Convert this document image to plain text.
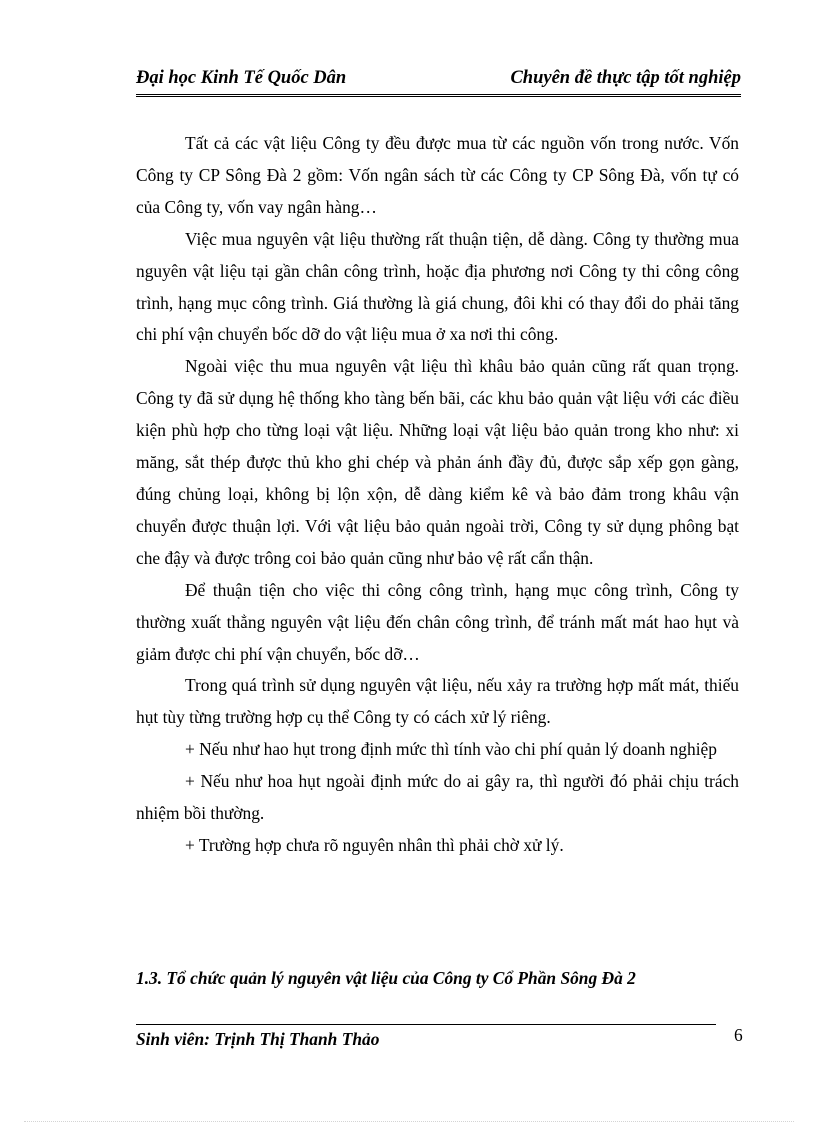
Đại học Kinh Tế Quốc Dân	Chuyên đề thực tập tốt nghiệp

Tất cả các vật liệu Công ty đều được mua từ các nguồn vốn trong nước. Vốn Công ty CP Sông Đà 2 gồm: Vốn ngân sách từ các Công ty CP Sông Đà, vốn tự có của Công ty, vốn vay ngân hàng…

Việc mua nguyên vật liệu thường rất thuận tiện, dễ dàng. Công ty thường mua nguyên vật liệu tại gần chân công trình, hoặc địa phương nơi Công ty thi công công trình, hạng mục công trình. Giá thường là giá chung, đôi khi có thay đổi do phải tăng chi phí vận chuyển bốc dỡ do vật liệu mua ở xa nơi thi công.

Ngoài việc thu mua nguyên vật liệu thì khâu bảo quản cũng rất quan trọng. Công ty đã sử dụng hệ thống kho tàng bến bãi, các khu bảo quản vật liệu với các điều kiện phù hợp cho từng loại vật liệu. Những loại vật liệu bảo quản trong kho như: xi măng, sắt thép được thủ kho ghi chép và phản ánh đầy đủ, được sắp xếp gọn gàng, đúng chủng loại, không bị lộn xộn, dễ dàng kiểm kê và bảo đảm trong khâu vận chuyển được thuận lợi. Với vật liệu bảo quản ngoài trời, Công ty sử dụng phông bạt che đậy và được trông coi bảo quản cũng như bảo vệ rất cẩn thận.

Để thuận tiện cho việc thi công công trình, hạng mục công trình, Công ty thường xuất thẳng nguyên vật liệu đến chân công trình, để tránh mất mát hao hụt và giảm được chi phí vận chuyển, bốc dỡ…

Trong quá trình sử dụng nguyên vật liệu, nếu xảy ra trường hợp mất mát, thiếu hụt tùy từng trường hợp cụ thể Công ty có cách xử lý riêng.

+ Nếu như hao hụt trong định mức thì tính vào chi phí quản lý doanh nghiệp

+ Nếu như hoa hụt ngoài định mức do ai gây ra, thì người đó phải chịu trách nhiệm bồi thường.

+ Trường hợp chưa rõ nguyên nhân thì phải chờ xử lý.

1.3. Tổ chức quản lý nguyên vật liệu của Công ty Cổ Phần Sông Đà 2
Sinh viên: Trịnh Thị Thanh Thảo	6
